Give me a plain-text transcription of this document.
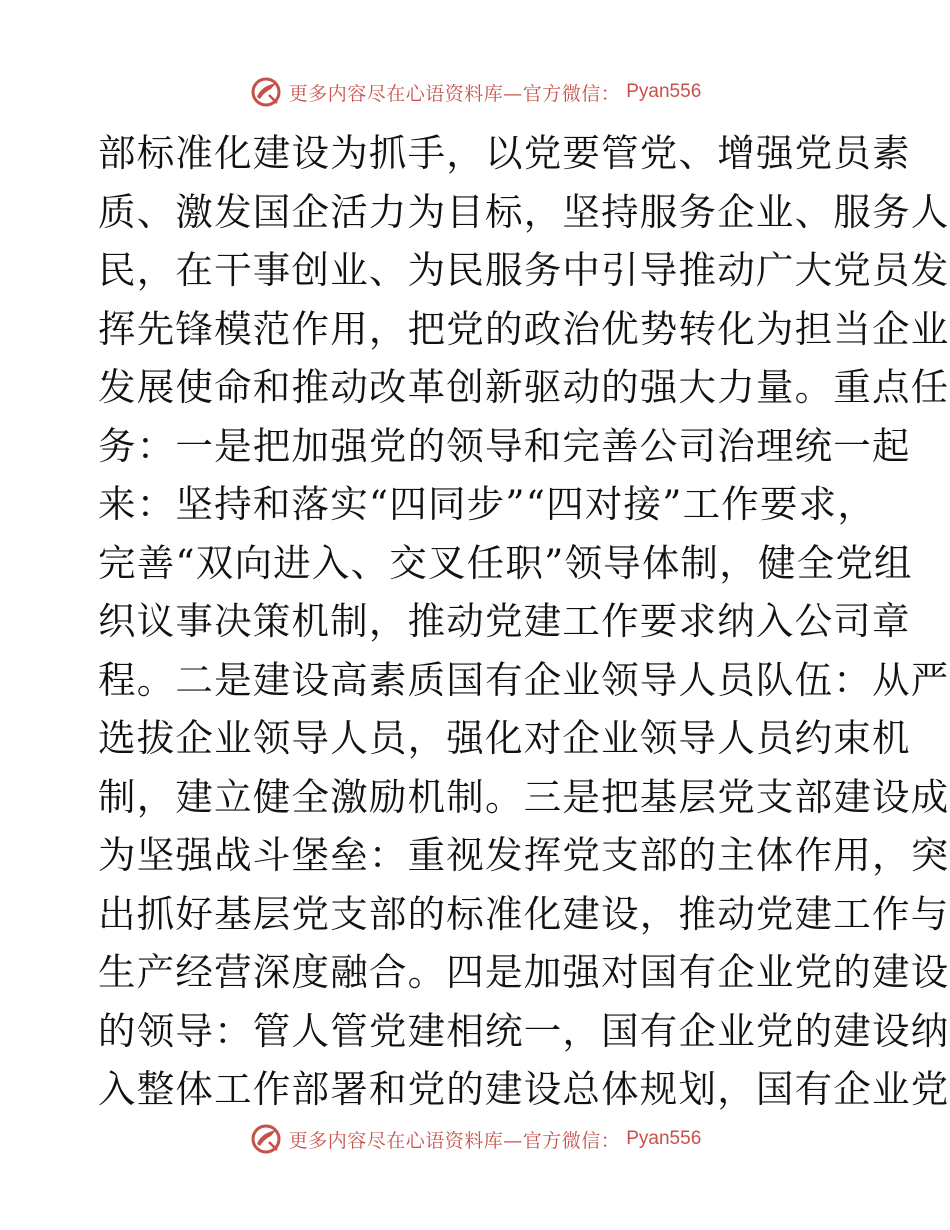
更多内容尽在心语资料库—官方微信： Pyan556
部标准化建设为抓手，以党要管党、增强党员素
质、激发国企活力为目标，坚持服务企业、服务人
民，在干事创业、为民服务中引导推动广大党员发
挥先锋模范作用，把党的政治优势转化为担当企业
发展使命和推动改革创新驱动的强大力量。重点任
务：一是把加强党的领导和完善公司治理统一起
来：坚持和落实“四同步”“四对接”工作要求，
完善“双向进入、交叉任职”领导体制，健全党组
织议事决策机制，推动党建工作要求纳入公司章
程。二是建设高素质国有企业领导人员队伍：从严
选拔企业领导人员，强化对企业领导人员约束机
制，建立健全激励机制。三是把基层党支部建设成
为坚强战斗堡垒：重视发挥党支部的主体作用，突
出抓好基层党支部的标准化建设，推动党建工作与
生产经营深度融合。四是加强对国有企业党的建设
的领导：管人管党建相统一，国有企业党的建设纳
入整体工作部署和党的建设总体规划，国有企业党
更多内容尽在心语资料库—官方微信： Pyan556
